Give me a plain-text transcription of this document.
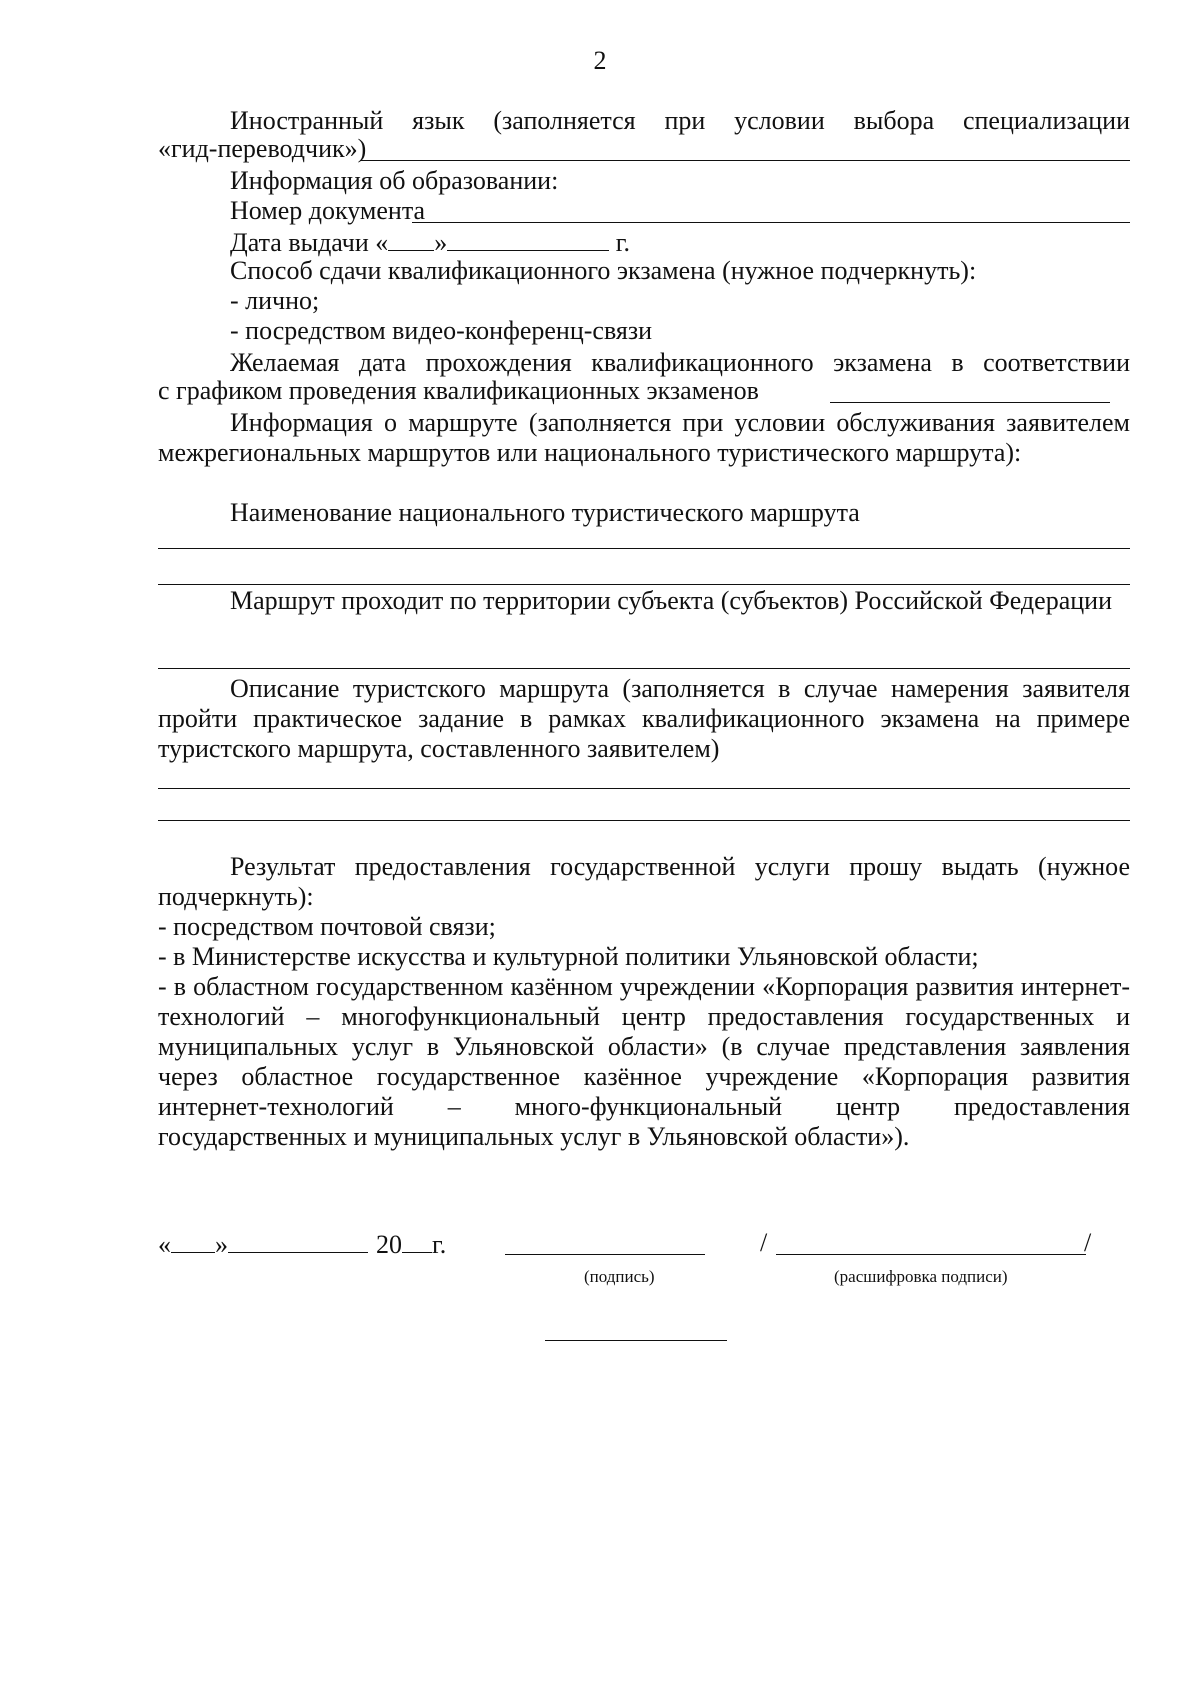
2
Иностранный язык (заполняется при условии выбора специализации
«гид-переводчик»)
Информация об образовании:
Номер документа
Дата выдачи « »	г.
Способ сдачи квалификационного экзамена (нужное подчеркнуть):
- лично;
- посредством видео-конференц-связи
Желаемая дата прохождения квалификационного экзамена в соответствии
с графиком проведения квалификационных экзаменов
Информация о маршруте (заполняется при условии обслуживания заявителем межрегиональных маршрутов или национального туристического маршрута):
Наименование национального туристического маршрута
Маршрут проходит по территории субъекта (субъектов) Российской Федерации
Описание туристского маршрута (заполняется в случае намерения заявителя пройти практическое задание в рамках квалификационного экзамена на примере туристского маршрута, составленного заявителем)
Результат предоставления государственной услуги прошу выдать (нужное подчеркнуть):
- посредством почтовой связи;
- в Министерстве искусства и культурной политики Ульяновской области;
- в областном государственном казённом учреждении «Корпорация развития интернет-технологий – многофункциональный центр предоставления государственных и муниципальных услуг в Ульяновской области» (в случае представления заявления через областное государственное казённое учреждение «Корпорация развития интернет-технологий – много-функциональный центр предоставления государственных и муниципальных услуг в Ульяновской области»).
« »	20 г.	/	/
(подпись)	(расшифровка подписи)
